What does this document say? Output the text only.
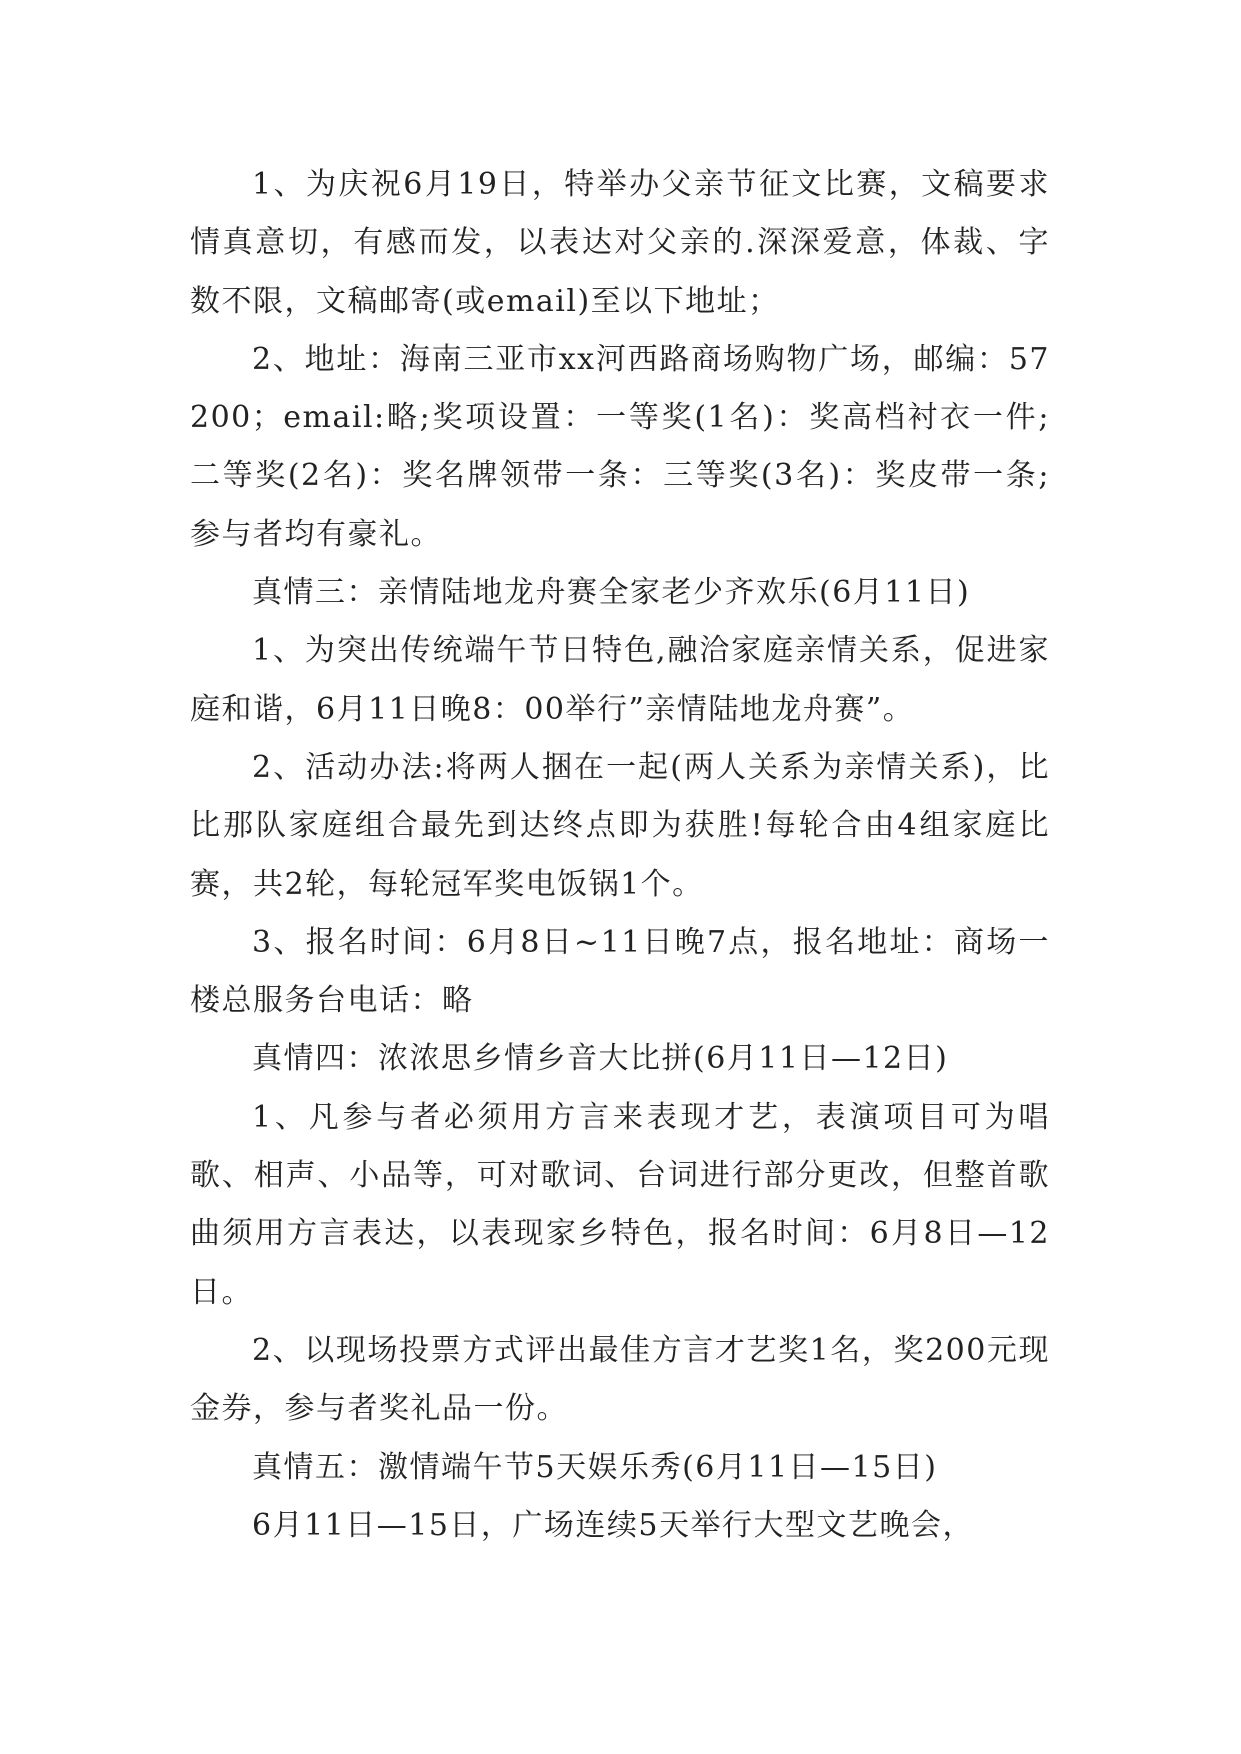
1、为庆祝6月19日，特举办父亲节征文比赛，文稿要求情真意切，有感而发，以表达对父亲的.深深爱意，体裁、字数不限，文稿邮寄(或email)至以下地址；

2、地址：海南三亚市xx河西路商场购物广场，邮编：57200；email:略;奖项设置：一等奖(1名)：奖高档衬衣一件;二等奖(2名)：奖名牌领带一条：三等奖(3名)：奖皮带一条;参与者均有豪礼。

真情三：亲情陆地龙舟赛全家老少齐欢乐(6月11日)

1、为突出传统端午节日特色,融洽家庭亲情关系，促进家庭和谐，6月11日晚8：00举行”亲情陆地龙舟赛”。

2、活动办法:将两人捆在一起(两人关系为亲情关系)，比比那队家庭组合最先到达终点即为获胜!每轮合由4组家庭比赛，共2轮，每轮冠军奖电饭锅1个。

3、报名时间：6月8日~11日晚7点，报名地址：商场一楼总服务台电话：略

真情四：浓浓思乡情乡音大比拼(6月11日—12日)

1、凡参与者必须用方言来表现才艺，表演项目可为唱歌、相声、小品等，可对歌词、台词进行部分更改，但整首歌曲须用方言表达，以表现家乡特色，报名时间：6月8日—12日。

2、以现场投票方式评出最佳方言才艺奖1名，奖200元现金券，参与者奖礼品一份。

真情五：激情端午节5天娱乐秀(6月11日—15日)

6月11日—15日，广场连续5天举行大型文艺晚会，
